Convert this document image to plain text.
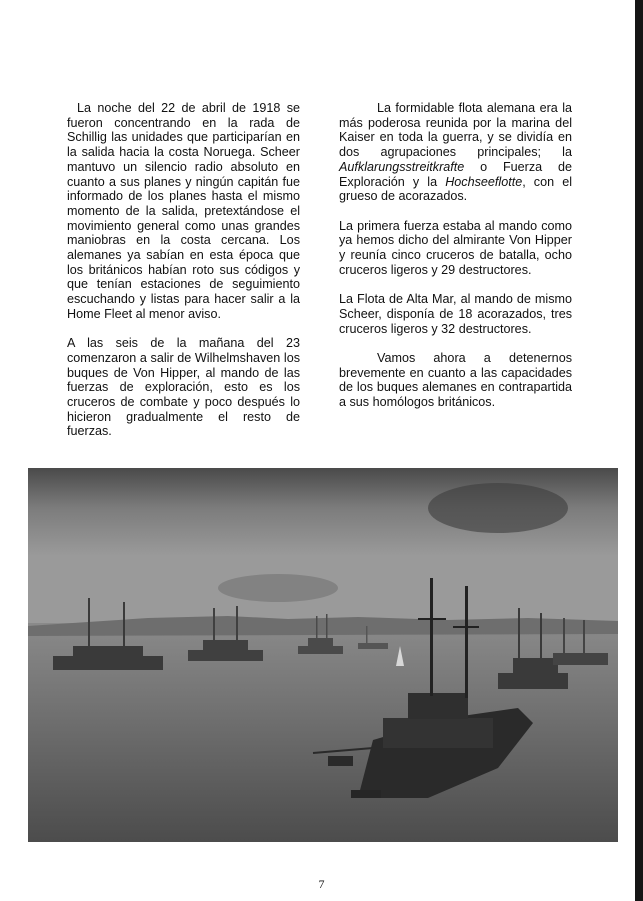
La noche del 22 de abril de 1918 se fueron concentrando en la rada de Schillig las unidades que participarían en la salida hacia la costa Noruega. Scheer mantuvo un silencio radio absoluto en cuanto a sus planes y ningún capitán fue informado de los planes hasta el mismo momento de la salida, pretextándose el movimiento general como unas grandes maniobras en la costa cercana. Los alemanes ya sabían en esta época que los británicos habían roto sus códigos y que tenían estaciones de seguimiento escuchando y listas para hacer salir a la Home Fleet al menor aviso.

A las seis de la mañana del 23 comenzaron a salir de Wilhelmshaven los buques de Von Hipper, al mando de las fuerzas de exploración, esto es los cruceros de combate y poco después lo hicieron gradualmente el resto de fuerzas.

La formidable flota alemana era la más poderosa reunida por la marina del Kaiser en toda la guerra, y se dividía en dos agrupaciones principales; la Aufklarungsstreitkrafte o Fuerza de Exploración y la Hochseeflotte, con el grueso de acorazados.

La primera fuerza estaba al mando como ya hemos dicho del almirante Von Hipper y reunía cinco cruceros de batalla, ocho cruceros ligeros y 29 destructores.

La Flota de Alta Mar, al mando de mismo Scheer, disponía de 18 acorazados, tres cruceros ligeros y 32 destructores.

Vamos ahora a detenernos brevemente en cuanto a las capacidades de los buques alemanes en contrapartida a sus homólogos británicos.

7
